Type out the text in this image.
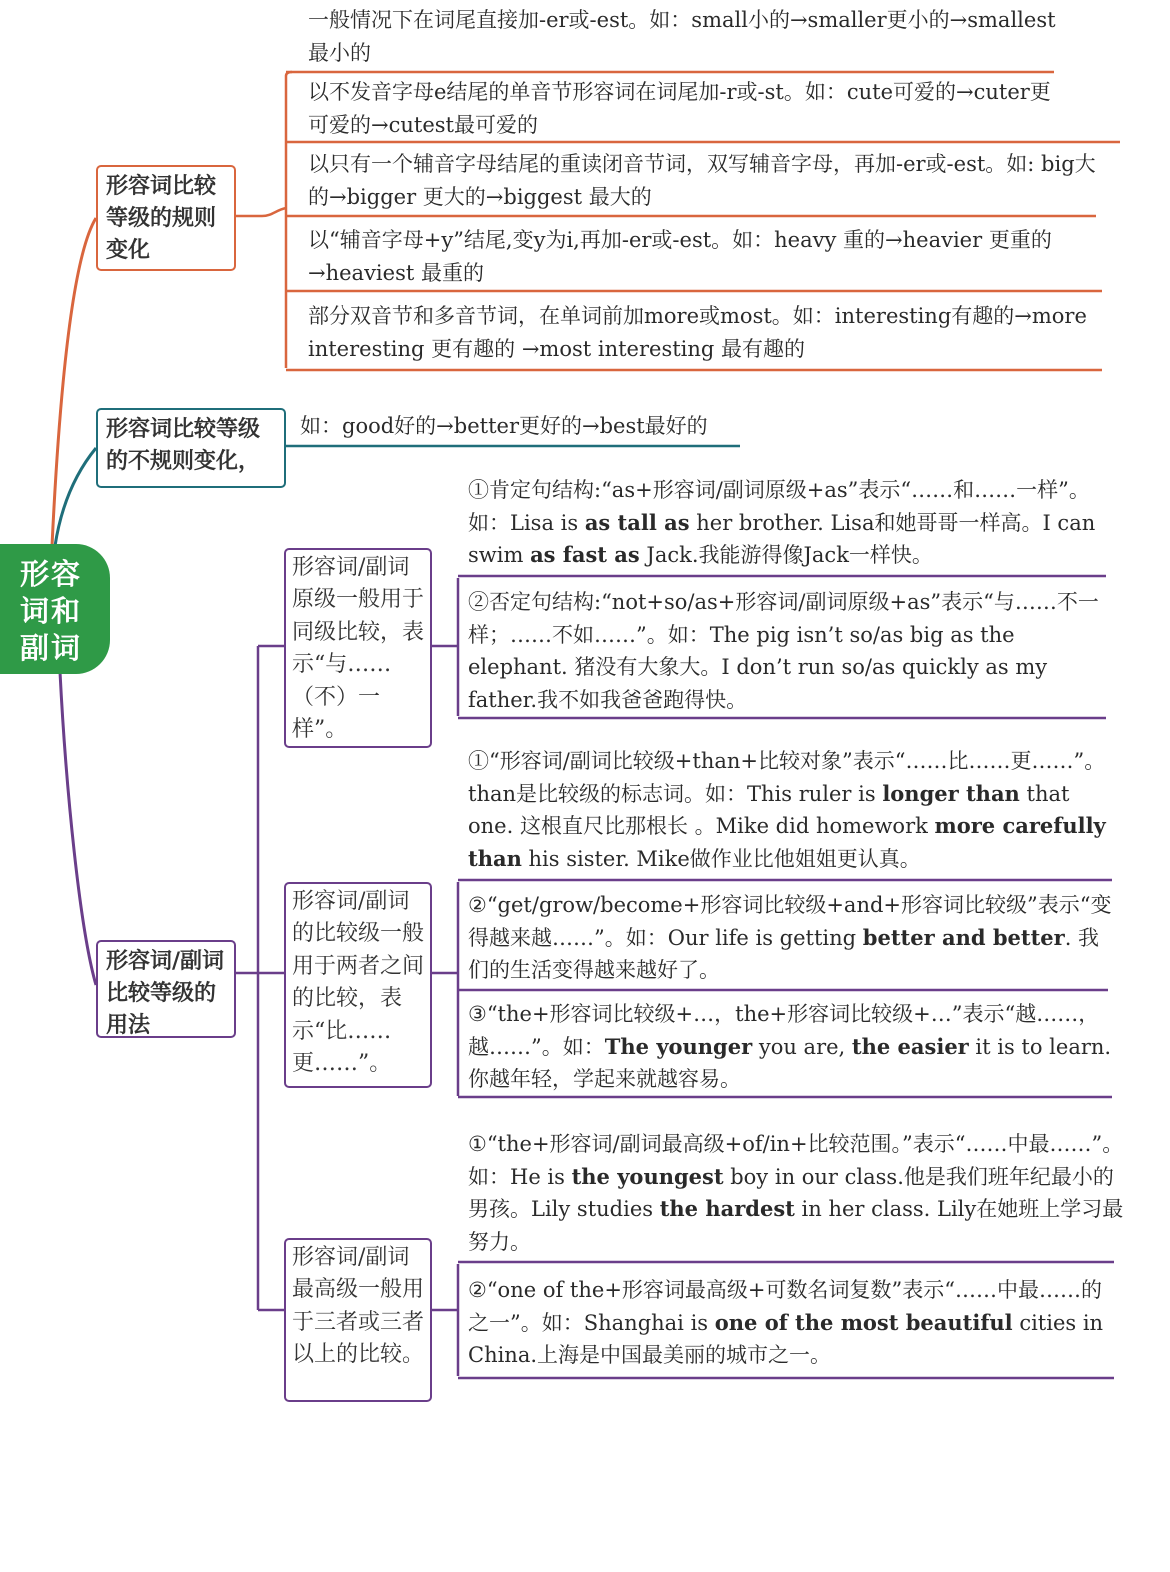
形容词和副词
形容词比较等级的规则变化
一般情况下在词尾直接加-er或-est。如：small小的→smaller更小的→smallest最小的
以不发音字母e结尾的单音节形容词在词尾加-r或-st。如：cute可爱的→cuter更可爱的→cutest最可爱的
以只有一个辅音字母结尾的重读闭音节词，双写辅音字母，再加-er或-est。如: big大的→bigger 更大的→biggest 最大的
以“辅音字母+y”结尾,变y为i,再加-er或-est。如：heavy 重的→heavier 更重的 →heaviest 最重的
部分双音节和多音节词，在单词前加more或most。如：interesting有趣的→more interesting 更有趣的 →most interesting 最有趣的
形容词比较等级的不规则变化，
如：good好的→better更好的→best最好的
形容词/副词比较等级的用法
形容词/副词原级一般用于同级比较，表示“与……（不）一样”。
形容词/副词的比较级一般用于两者之间的比较，表示“比……更……”。
形容词/副词最高级一般用于三者或三者以上的比较。
①肯定句结构:“as+形容词/副词原级+as”表示“……和……一样”。如：Lisa is as tall as her brother. Lisa和她哥哥一样高。I can swim as fast as Jack.我能游得像Jack一样快。
②否定句结构:“not+so/as+形容词/副词原级+as”表示“与……不一样；……不如……”。如：The pig isn’t so/as big as the elephant. 猪没有大象大。I don’t run so/as quickly as my father.我不如我爸爸跑得快。
①“形容词/副词比较级+than+比较对象”表示“……比……更……”。than是比较级的标志词。如：This ruler is longer than that one. 这根直尺比那根长 。Mike did homework more carefully than his sister. Mike做作业比他姐姐更认真。
②“get/grow/become+形容词比较级+and+形容词比较级”表示“变得越来越……”。如：Our life is getting better and better. 我们的生活变得越来越好了。
③“the+形容词比较级+…，the+形容词比较级+…”表示“越……，越……”。如：The younger you are, the easier it is to learn.你越年轻，学起来就越容易。
①“the+形容词/副词最高级+of/in+比较范围。”表示“……中最……”。如：He is the youngest boy in our class.他是我们班年纪最小的男孩。Lily studies the hardest in her class. Lily在她班上学习最努力。
②“one of the+形容词最高级+可数名词复数”表示“……中最……的之一”。如：Shanghai is one of the most beautiful cities in China.上海是中国最美丽的城市之一。
